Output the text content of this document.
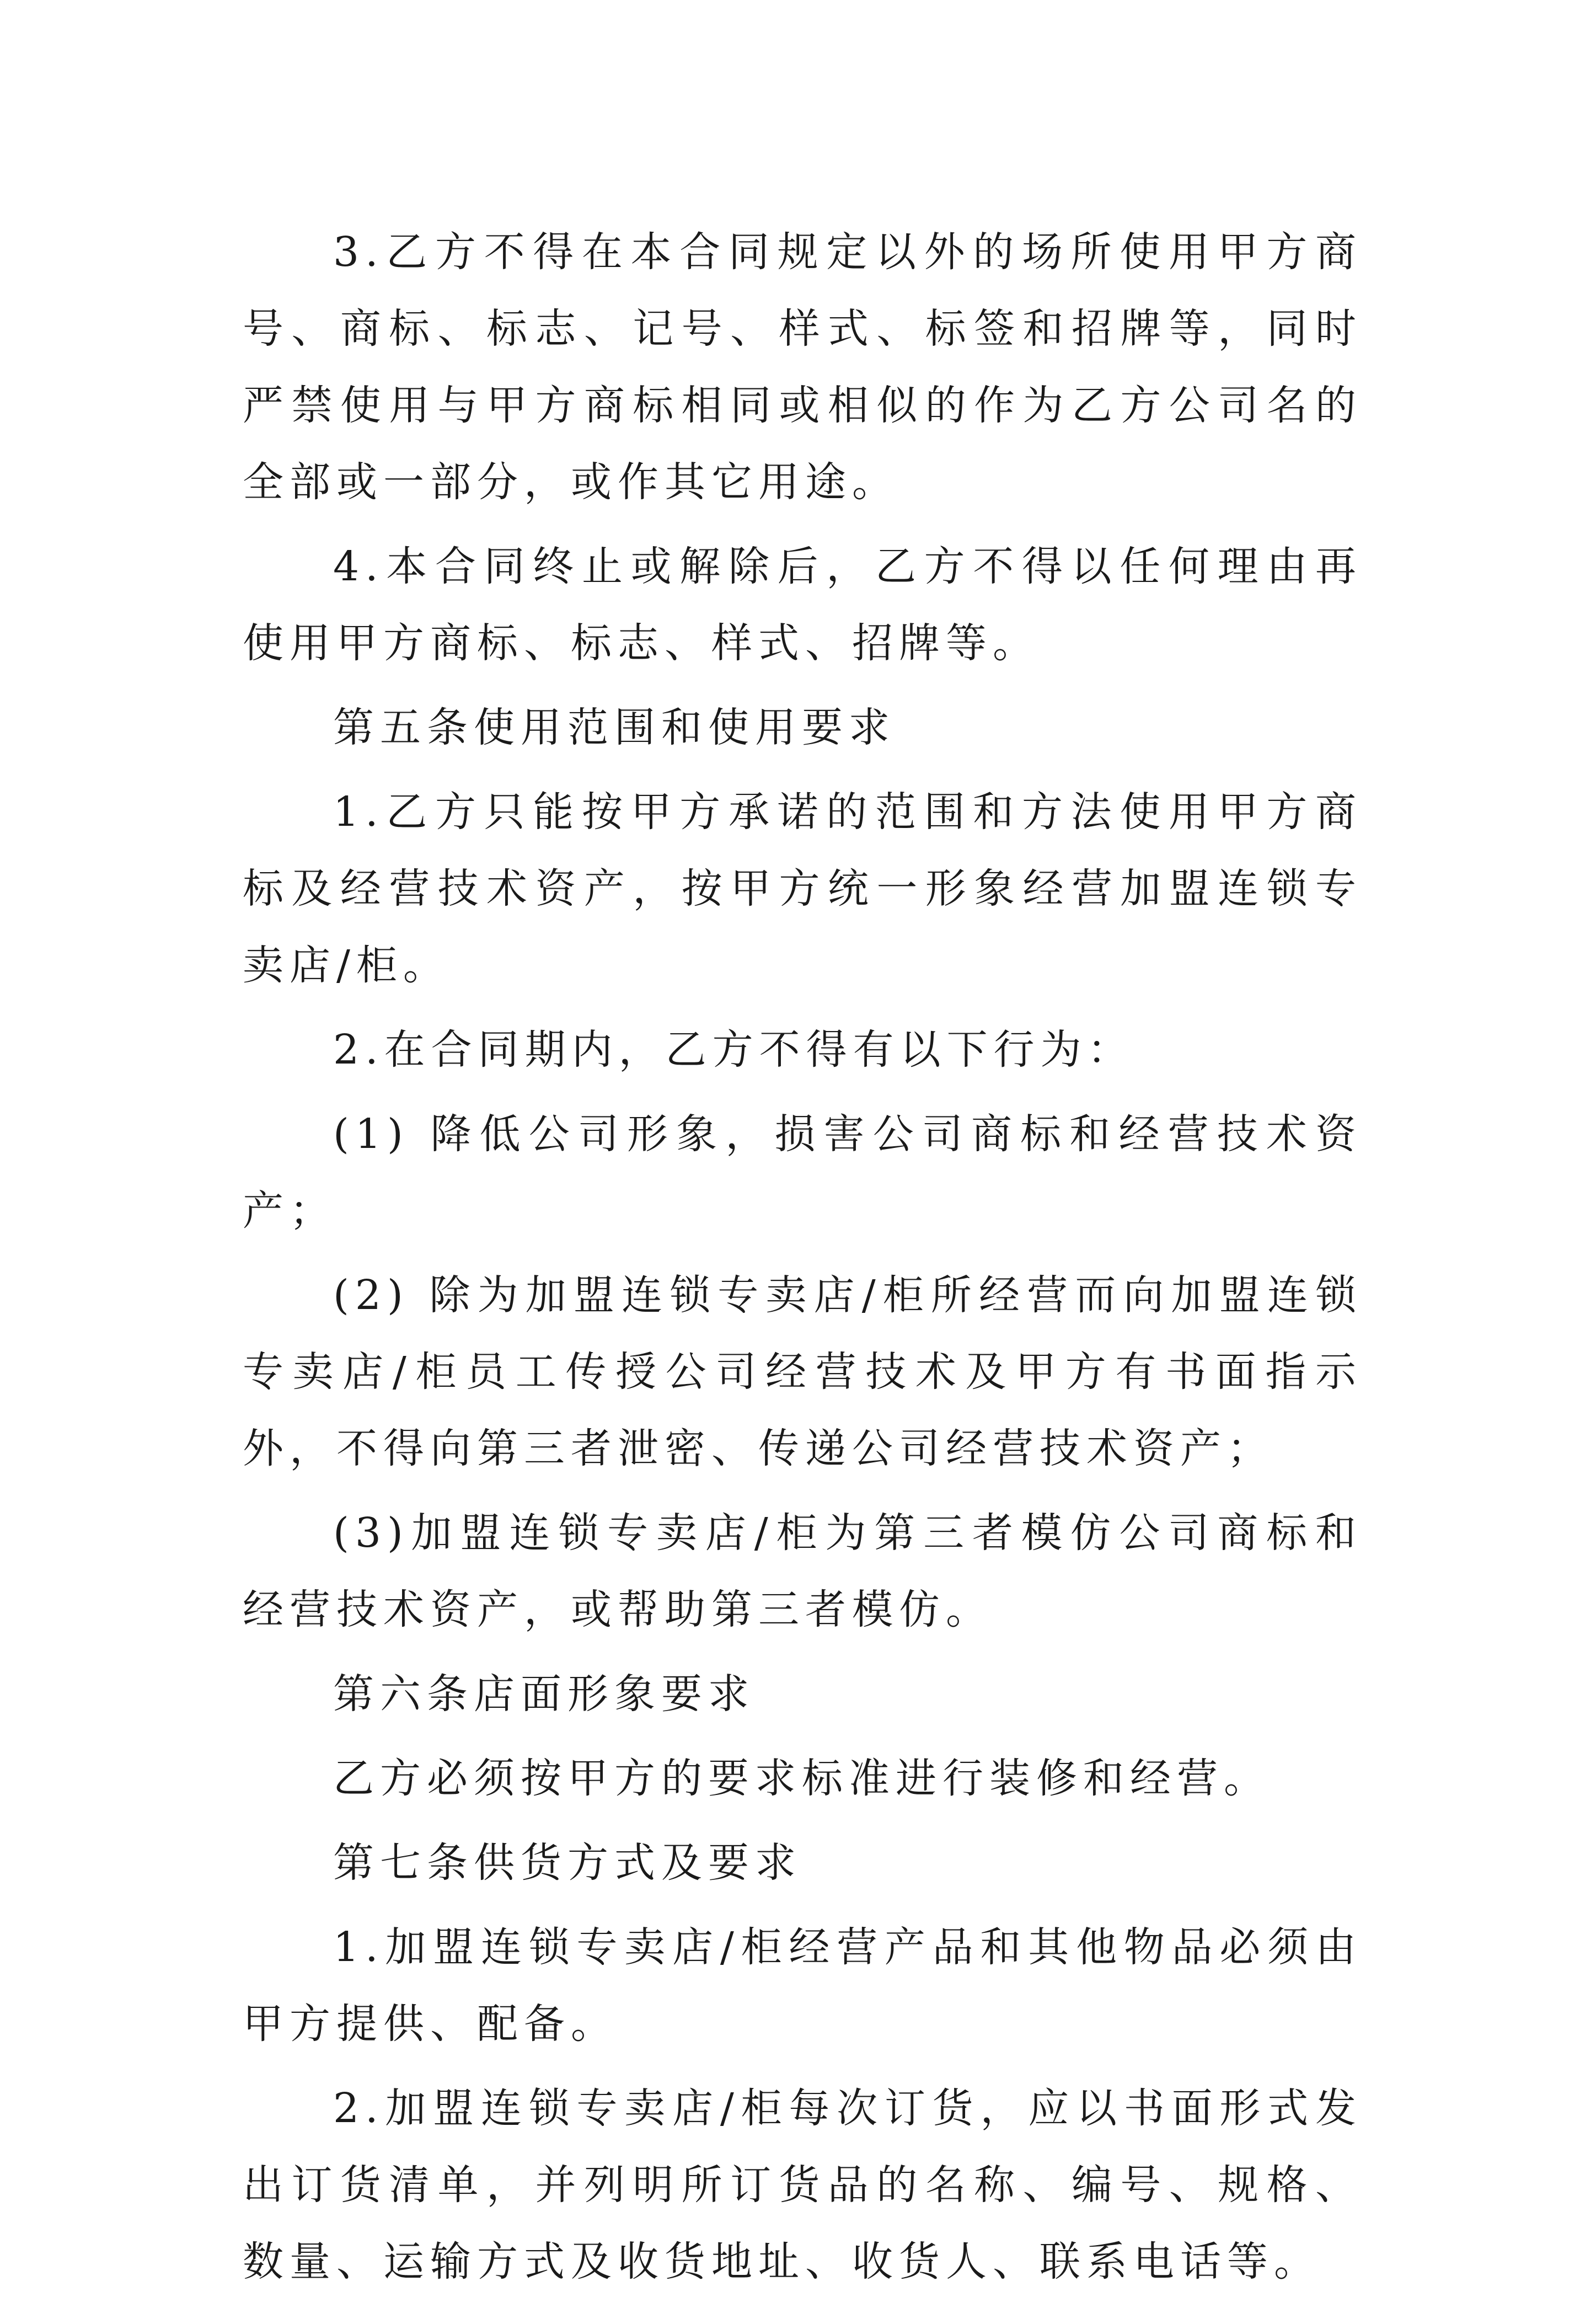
3.乙方不得在本合同规定以外的场所使用甲方商号、商标、标志、记号、样式、标签和招牌等，同时严禁使用与甲方商标相同或相似的作为乙方公司名的全部或一部分，或作其它用途。

4.本合同终止或解除后，乙方不得以任何理由再使用甲方商标、标志、样式、招牌等。

第五条使用范围和使用要求

1.乙方只能按甲方承诺的范围和方法使用甲方商标及经营技术资产，按甲方统一形象经营加盟连锁专卖店/柜。

2.在合同期内，乙方不得有以下行为：

(1) 降低公司形象，损害公司商标和经营技术资产；

(2) 除为加盟连锁专卖店/柜所经营而向加盟连锁专卖店/柜员工传授公司经营技术及甲方有书面指示外，不得向第三者泄密、传递公司经营技术资产；

(3)加盟连锁专卖店/柜为第三者模仿公司商标和经营技术资产，或帮助第三者模仿。

第六条店面形象要求

乙方必须按甲方的要求标准进行装修和经营。

第七条供货方式及要求

1.加盟连锁专卖店/柜经营产品和其他物品必须由甲方提供、配备。

2.加盟连锁专卖店/柜每次订货，应以书面形式发出订货清单，并列明所订货品的名称、编号、规格、数量、运输方式及收货地址、收货人、联系电话等。
